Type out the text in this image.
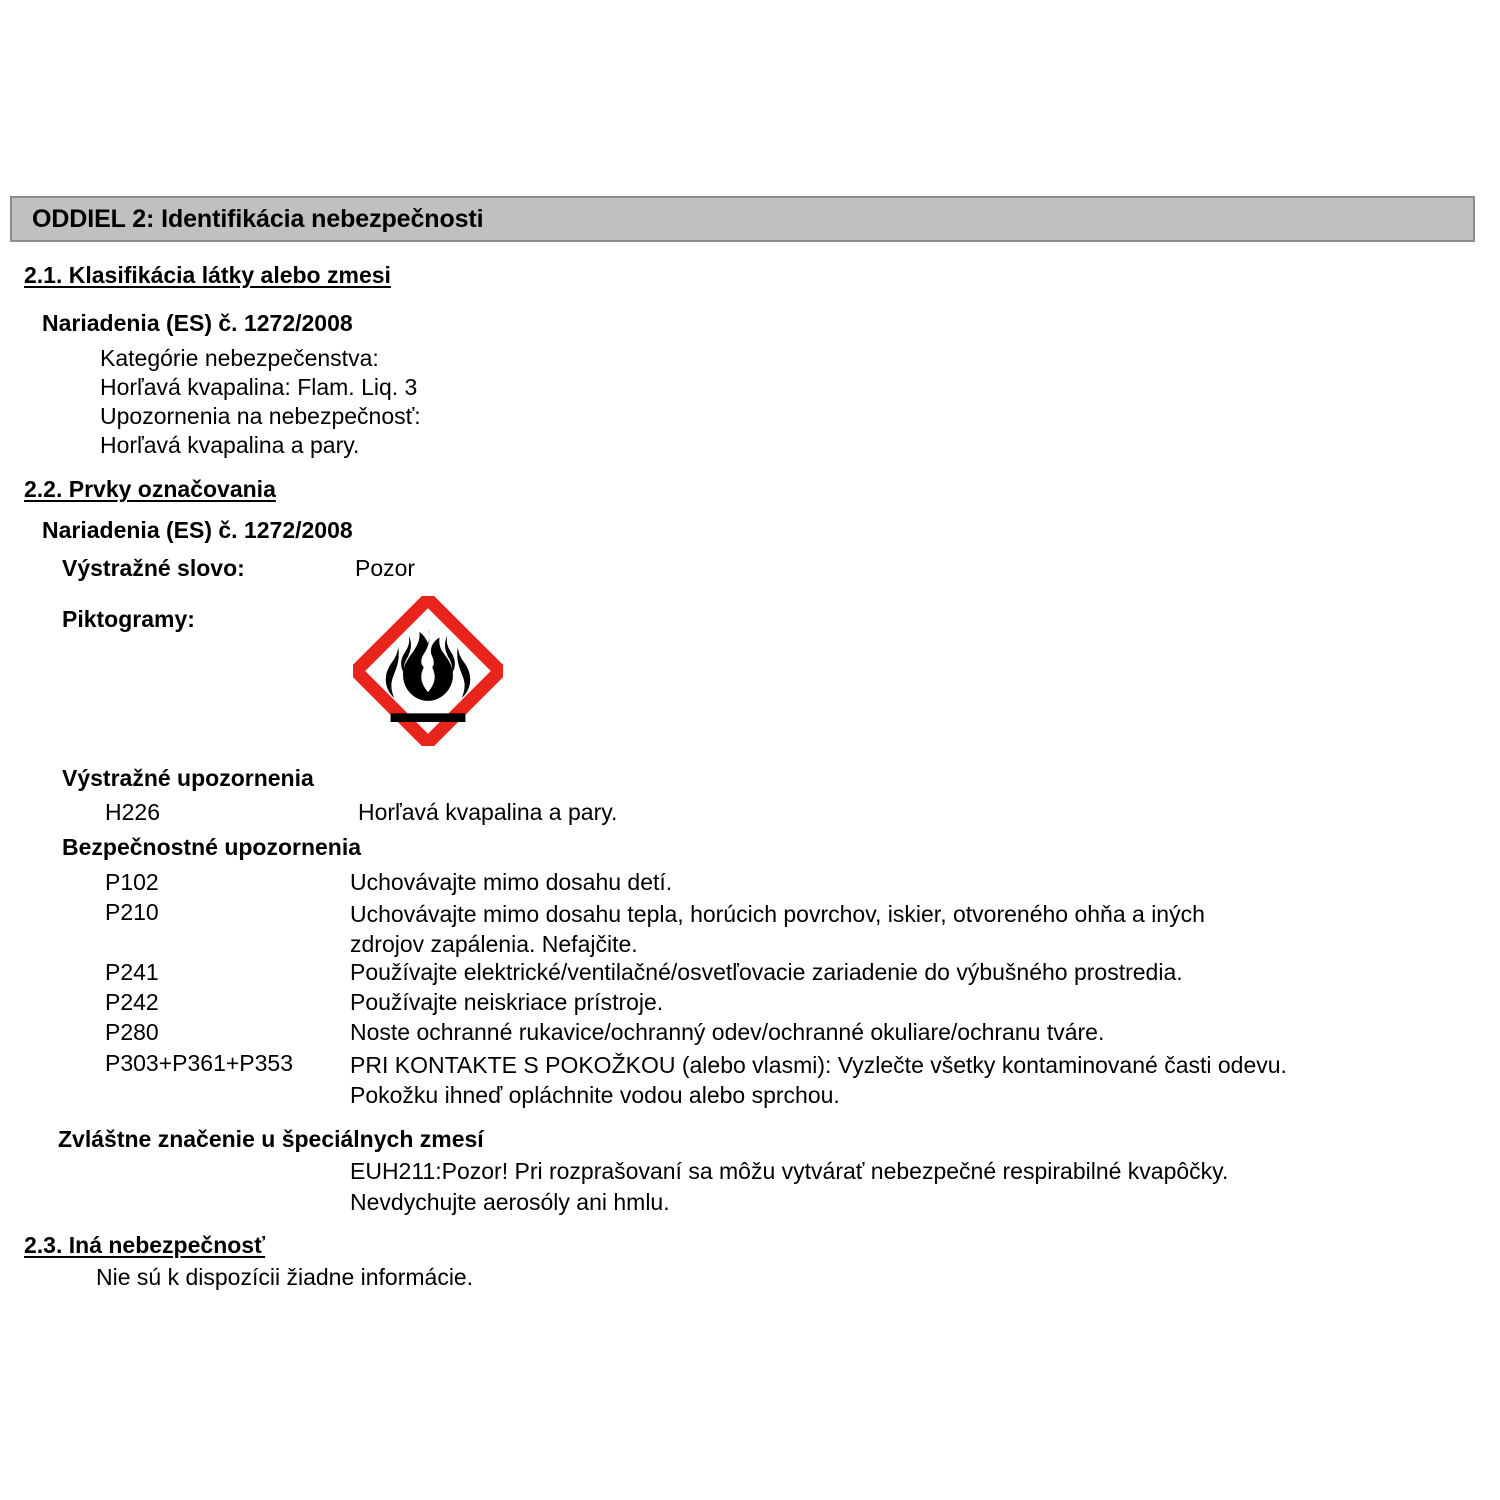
ODDIEL 2: Identifikácia nebezpečnosti
2.1. Klasifikácia látky alebo zmesi
Nariadenia (ES) č. 1272/2008
Kategórie nebezpečenstva:
Horľavá kvapalina: Flam. Liq. 3
Upozornenia na nebezpečnosť:
Horľavá kvapalina a pary.
2.2. Prvky označovania
Nariadenia (ES) č. 1272/2008
Výstražné slovo:	Pozor
Piktogramy:
Výstražné upozornenia
H226	Horľavá kvapalina a pary.
Bezpečnostné upozornenia
P102	Uchovávajte mimo dosahu detí.
P210	Uchovávajte mimo dosahu tepla, horúcich povrchov, iskier, otvoreného ohňa a iných zdrojov zapálenia. Nefajčite.
P241	Používajte elektrické/ventilačné/osvetľovacie zariadenie do výbušného prostredia.
P242	Používajte neiskriace prístroje.
P280	Noste ochranné rukavice/ochranný odev/ochranné okuliare/ochranu tváre.
P303+P361+P353 PRI KONTAKTE S POKOŽKOU (alebo vlasmi): Vyzlečte všetky kontaminované časti odevu. Pokožku ihneď opláchnite vodou alebo sprchou.
Zvláštne značenie u špeciálnych zmesí
EUH211:Pozor! Pri rozprašovaní sa môžu vytvárať nebezpečné respirabilné kvapôčky. Nevdychujte aerosóly ani hmlu.
2.3. Iná nebezpečnosť
Nie sú k dispozícii žiadne informácie.
